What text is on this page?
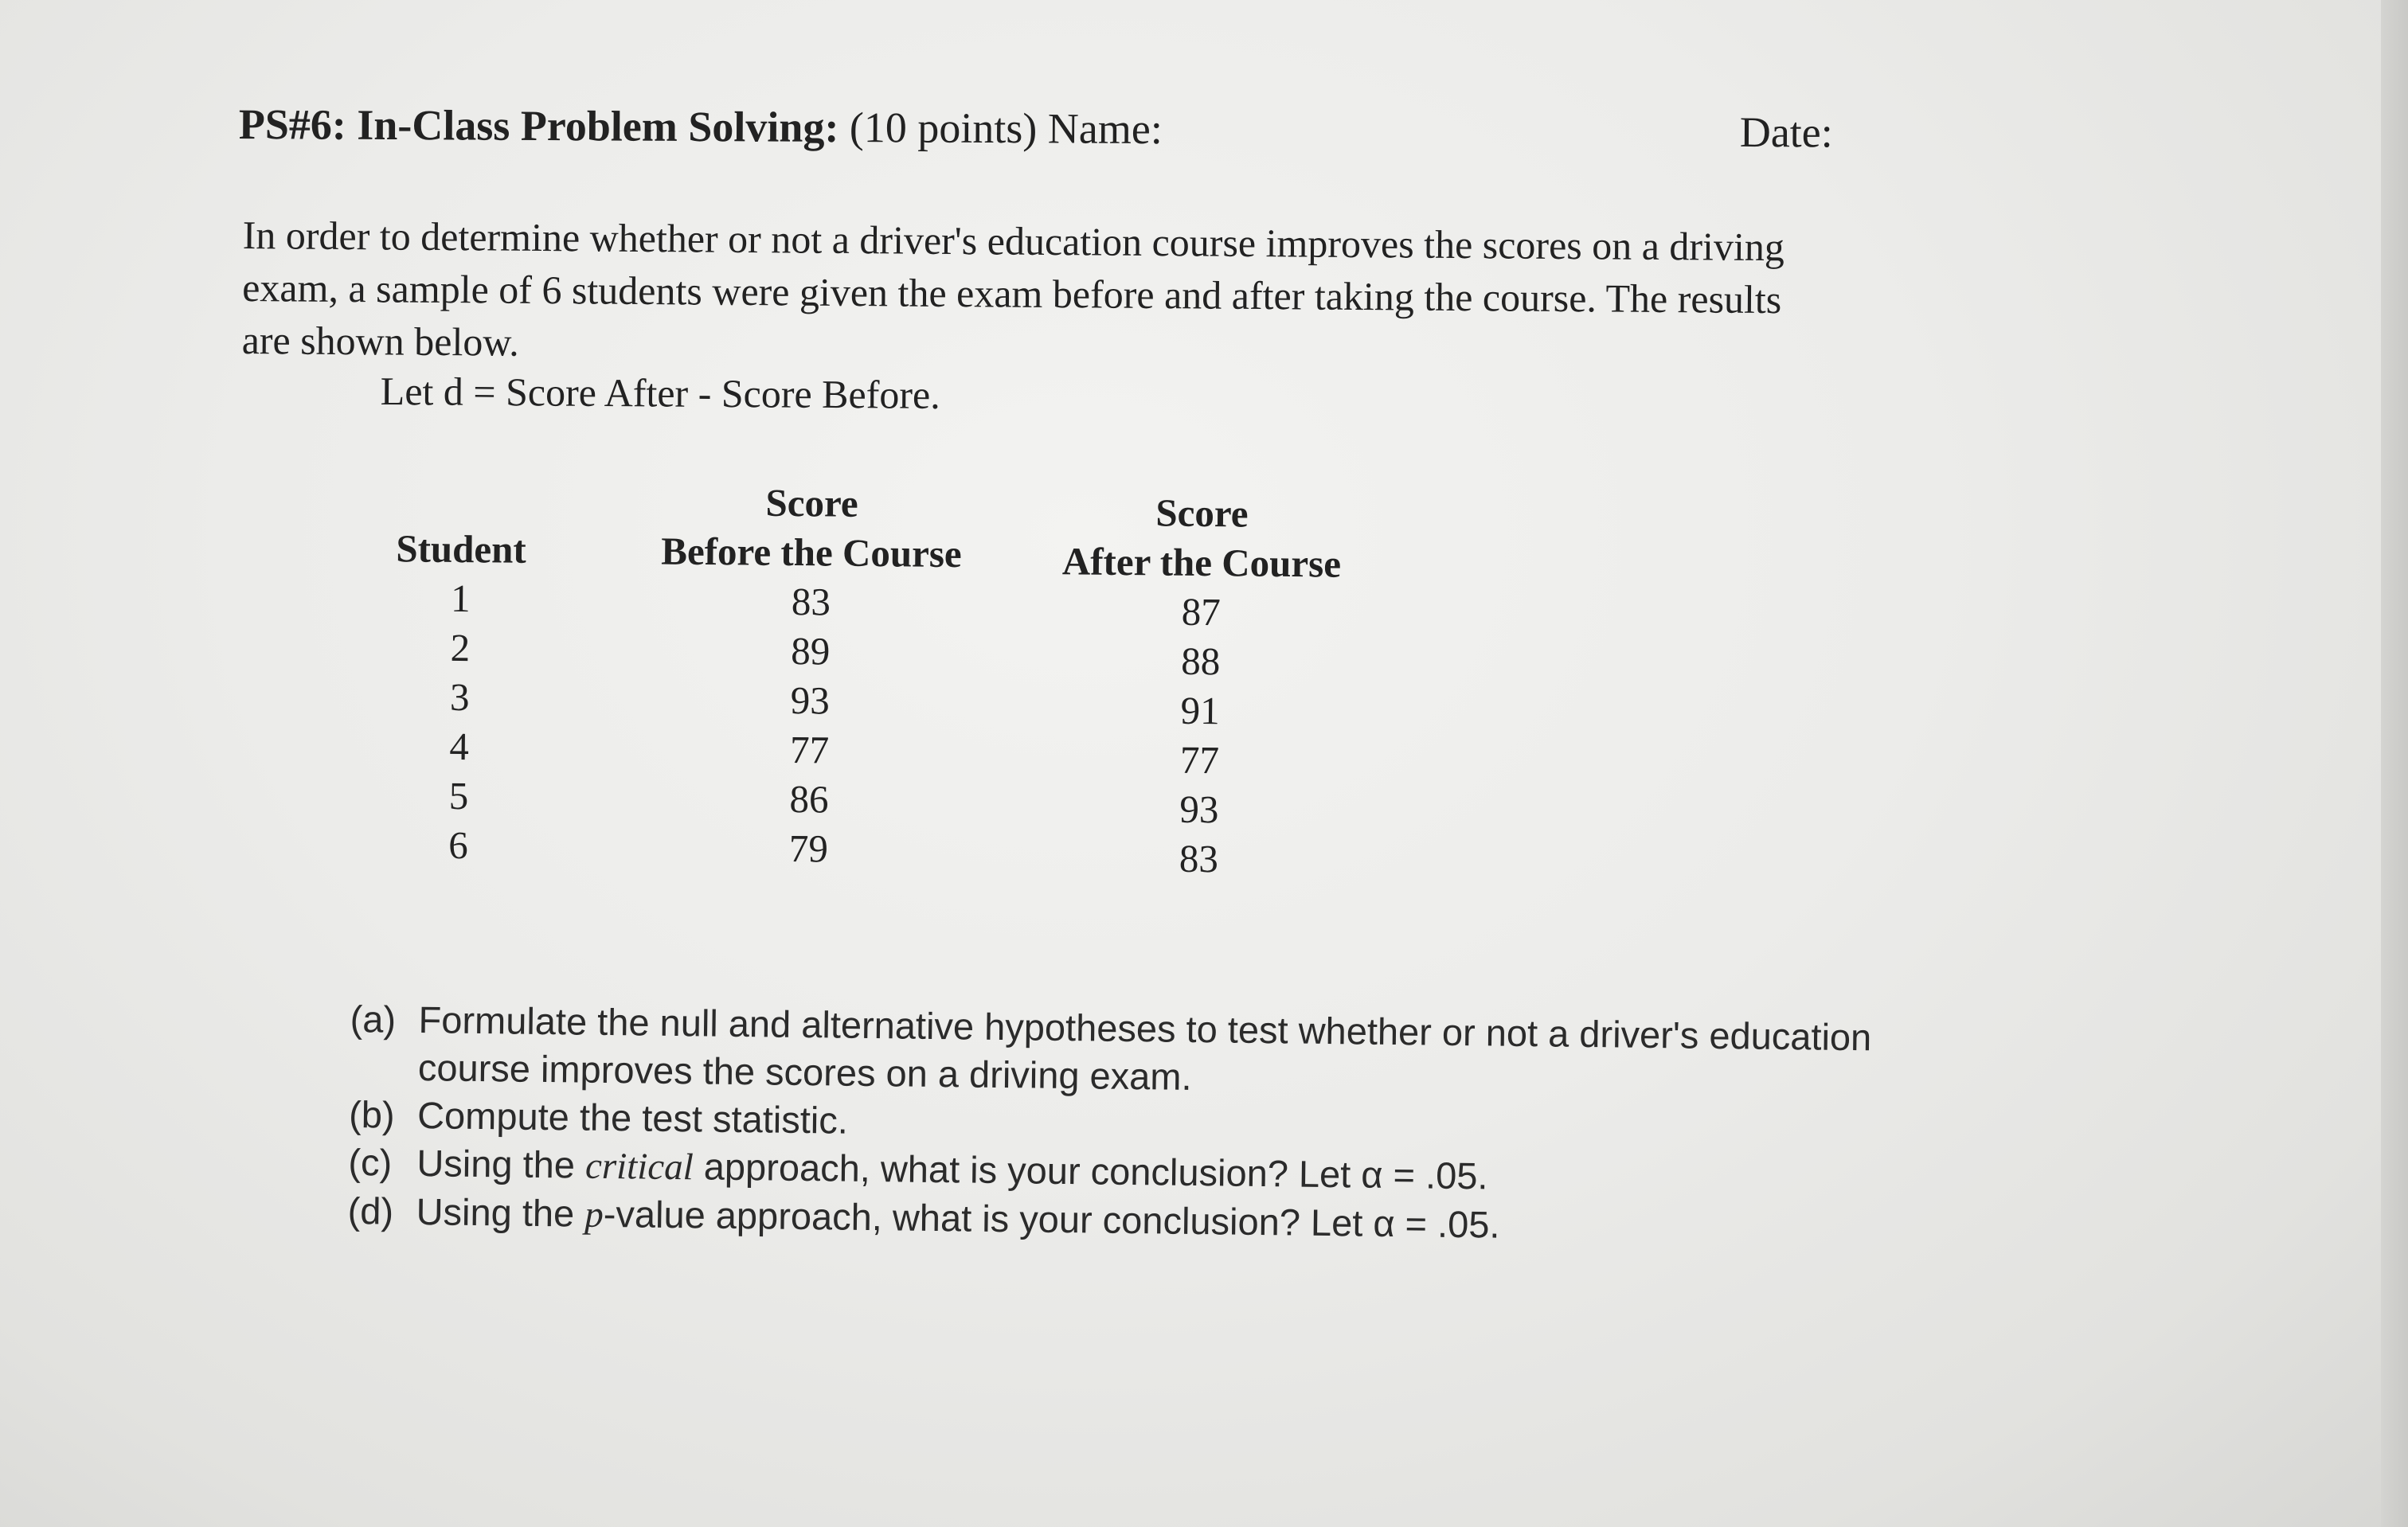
PS#6: In-Class Problem Solving: (10 points) Name:	Date:

In order to determine whether or not a driver's education course improves the scores on a driving

exam, a sample of 6 students were given the exam before and after taking the course. The results

are shown below.

Let d = Score After - Score Before.
Student
1
2
3
4
5
6
Score
Before the Course
83
89
93
77
86
79
Score
After the Course
87
88
91
77
93
83
(a) Formulate the null and alternative hypotheses to test whether or not a driver's education
course improves the scores on a driving exam.
(b) Compute the test statistic.
(c) Using the critical approach, what is your conclusion? Let α = .05.
(d) Using the p-value approach, what is your conclusion? Let α = .05.
